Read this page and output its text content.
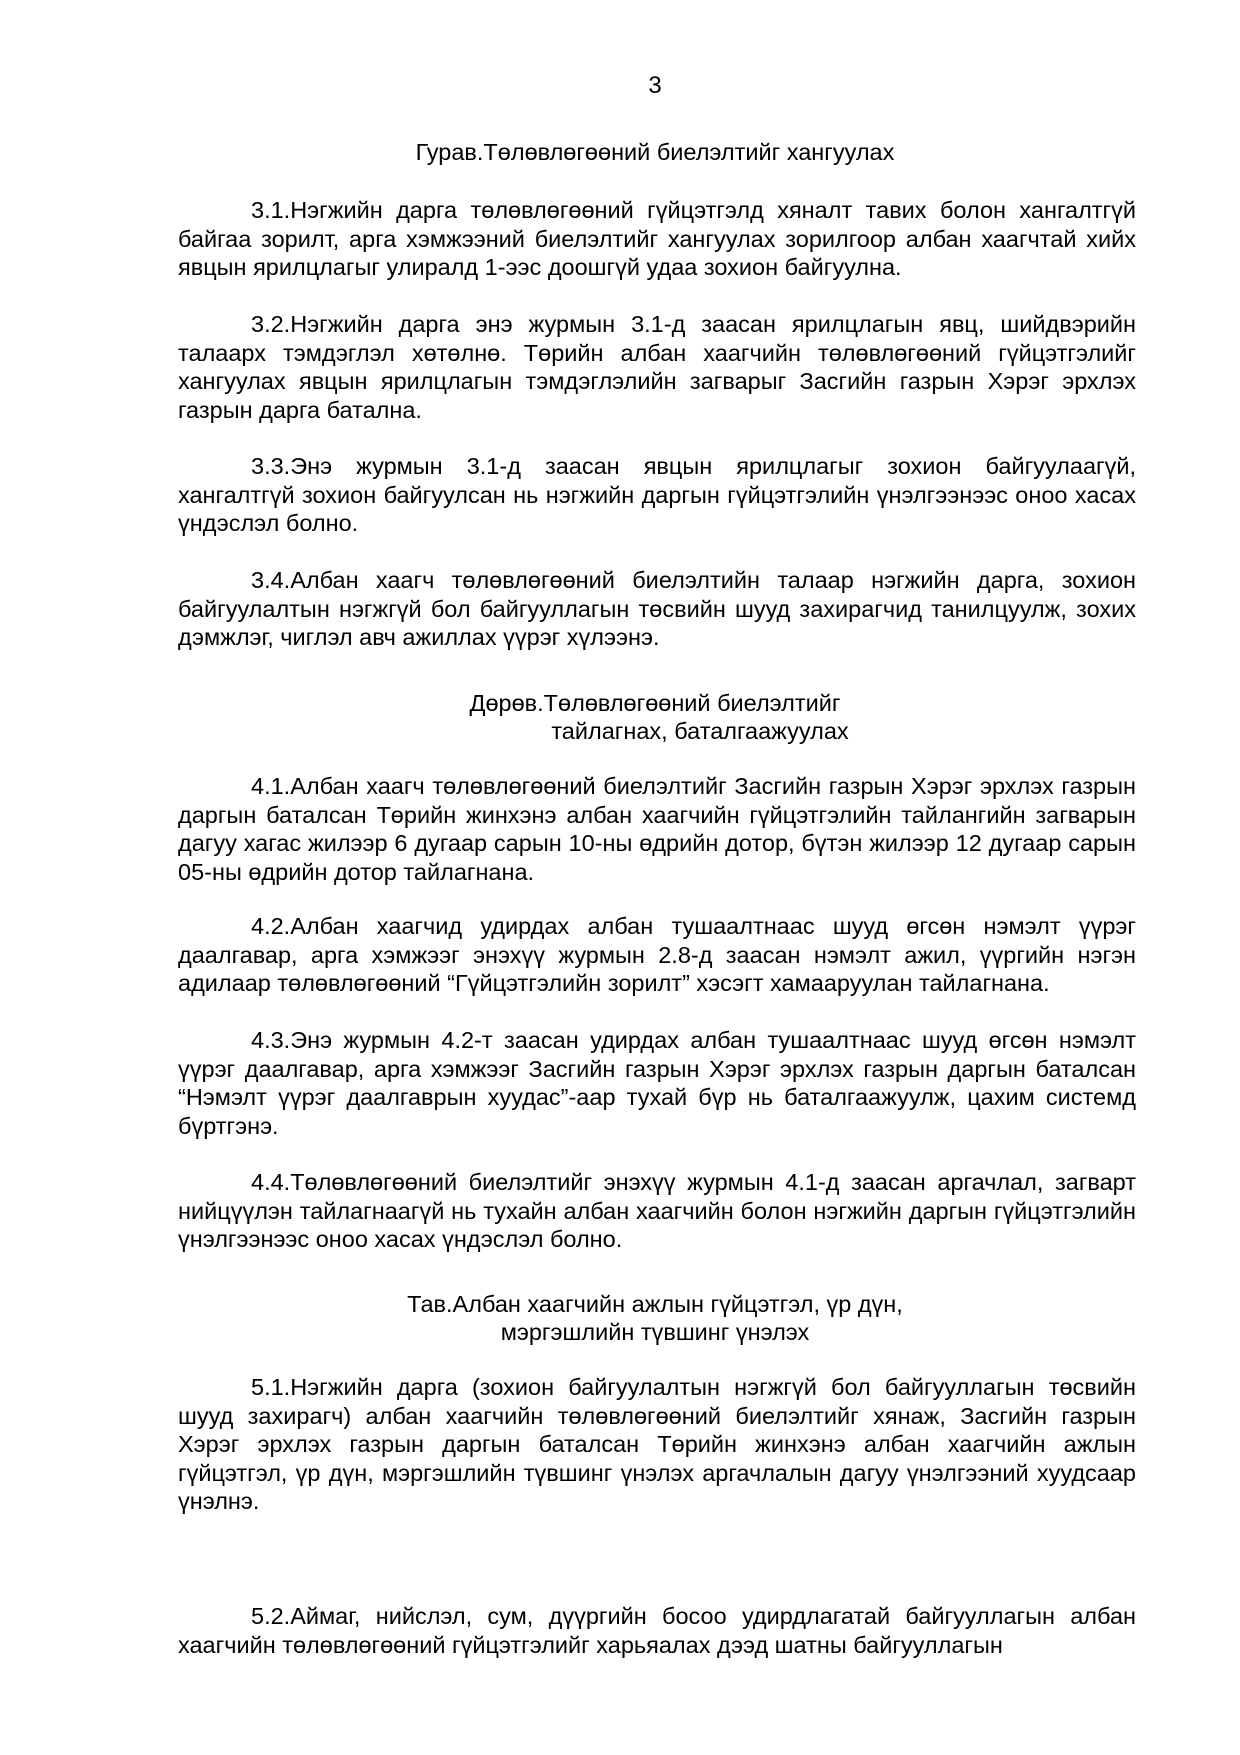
3
Гурав.Төлөвлөгөөний биелэлтийг хангуулах

3.1.Нэгжийн дарга төлөвлөгөөний гүйцэтгэлд хяналт тавих болон хангалтгүй байгаа зорилт, арга хэмжээний биелэлтийг хангуулах зорилгоор албан хаагчтай хийх явцын ярилцлагыг улиралд 1-ээс доошгүй удаа зохион байгуулна.

3.2.Нэгжийн дарга энэ журмын 3.1-д заасан ярилцлагын явц, шийдвэрийн талаарх тэмдэглэл хөтөлнө. Төрийн албан хаагчийн төлөвлөгөөний гүйцэтгэлийг хангуулах явцын ярилцлагын тэмдэглэлийн загварыг Засгийн газрын Хэрэг эрхлэх газрын дарга батална.

3.3.Энэ журмын 3.1-д заасан явцын ярилцлагыг зохион байгуулаагүй, хангалтгүй зохион байгуулсан нь нэгжийн даргын гүйцэтгэлийн үнэлгээнээс оноо хасах үндэслэл болно.

3.4.Албан хаагч төлөвлөгөөний биелэлтийн талаар нэгжийн дарга, зохион байгуулалтын нэгжгүй бол байгууллагын төсвийн шууд захирагчид танилцуулж, зохих дэмжлэг, чиглэл авч ажиллах үүрэг хүлээнэ.

Дөрөв.Төлөвлөгөөний биелэлтийг
тайлагнах, баталгаажуулах

4.1.Албан хаагч төлөвлөгөөний биелэлтийг Засгийн газрын Хэрэг эрхлэх газрын даргын баталсан Төрийн жинхэнэ албан хаагчийн гүйцэтгэлийн тайлангийн загварын дагуу хагас жилээр 6 дугаар сарын 10-ны өдрийн дотор, бүтэн жилээр 12 дугаар сарын 05-ны өдрийн дотор тайлагнана.

4.2.Албан хаагчид удирдах албан тушаалтнаас шууд өгсөн нэмэлт үүрэг даалгавар, арга хэмжээг энэхүү журмын 2.8-д заасан нэмэлт ажил, үүргийн нэгэн адилаар төлөвлөгөөний “Гүйцэтгэлийн зорилт” хэсэгт хамааруулан тайлагнана.

4.3.Энэ журмын 4.2-т заасан удирдах албан тушаалтнаас шууд өгсөн нэмэлт үүрэг даалгавар, арга хэмжээг Засгийн газрын Хэрэг эрхлэх газрын даргын баталсан “Нэмэлт үүрэг даалгаврын хуудас”-аар тухай бүр нь баталгаажуулж, цахим системд бүртгэнэ.

4.4.Төлөвлөгөөний биелэлтийг энэхүү журмын 4.1-д заасан аргачлал, загварт нийцүүлэн тайлагнаагүй нь тухайн албан хаагчийн болон нэгжийн даргын гүйцэтгэлийн үнэлгээнээс оноо хасах үндэслэл болно.

Тав.Албан хаагчийн ажлын гүйцэтгэл, үр дүн,
мэргэшлийн түвшинг үнэлэх

5.1.Нэгжийн дарга (зохион байгуулалтын нэгжгүй бол байгууллагын төсвийн шууд захирагч) албан хаагчийн төлөвлөгөөний биелэлтийг хянаж, Засгийн газрын Хэрэг эрхлэх газрын даргын баталсан Төрийн жинхэнэ албан хаагчийн ажлын гүйцэтгэл, үр дүн, мэргэшлийн түвшинг үнэлэх аргачлалын дагуу үнэлгээний хуудсаар үнэлнэ.

5.2.Аймаг, нийслэл, сум, дүүргийн босоо удирдлагатай байгууллагын албан хаагчийн төлөвлөгөөний гүйцэтгэлийг харьяалах дээд шатны байгууллагын
